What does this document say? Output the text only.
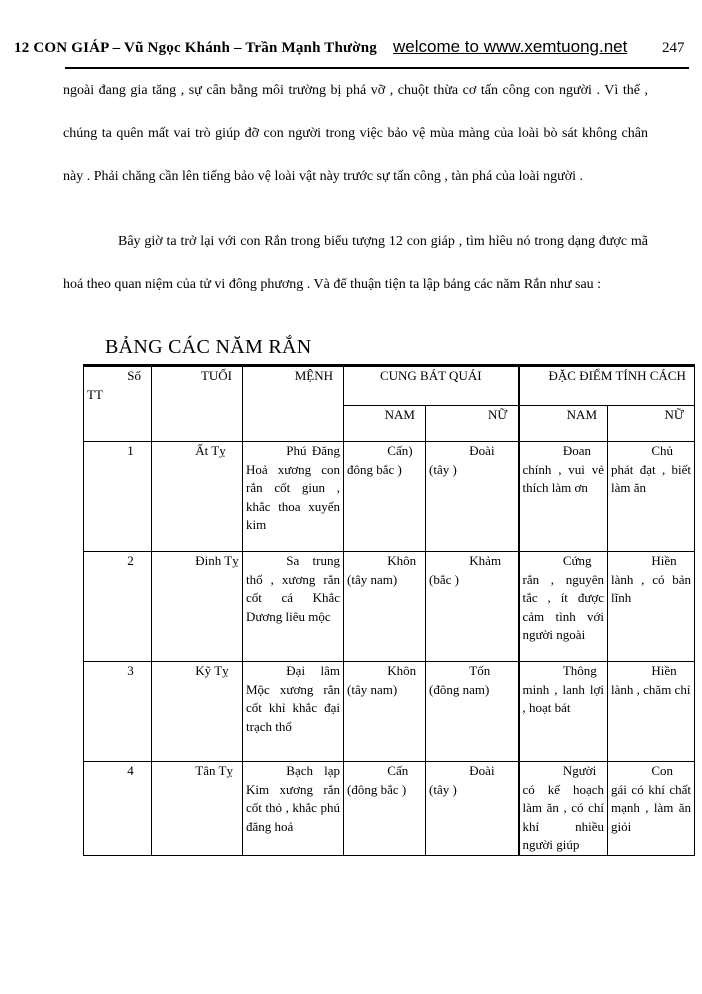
12 CON GIÁP – Vũ Ngọc Khánh – Trần Mạnh Thường welcome to www.xemtuong.net 247
ngoài đang gia tăng , sự cân bằng môi trường bị phá vỡ , chuột thừa cơ tấn công con người . Vì thế , chúng ta quên mất vai trò giúp đỡ con người trong việc bảo vệ mùa màng của loài bò sát không chân này . Phải chăng cần lên tiếng bảo vệ loài vật này trước sự tấn công , tàn phá của loài người .
Bây giờ ta trở lại với con Rắn trong biểu tượng 12 con giáp , tìm hỉêu nó trong dạng được mã hoá theo quan niệm của tử vi đông phương . Và để thuận tiện ta lập bảng các năm Rắn như sau :
BẢNG CÁC NĂM RẮN
Số TT	TUỔI	MỆNH	CUNG BÁT QUÁI		ĐẶC ĐIỂM TÍNH CÁCH	
			NAM	NỮ	NAM	NỮ
1	Ất Tỵ	Phú Đăng Hoả xương con rắn cốt giun , khắc thoa xuyến kim	Cấn) đông bắc )	Đoài (tây )	Đoan chính , vui vẻ thích làm ơn	Chủ phát đạt , biết làm ăn
2	Đinh Tỵ	Sa trung thổ , xương rắn cốt cá Khắc Dương liêu mộc	Khôn (tây nam)	Khảm (bắc )	Cứng rắn , nguyên tắc , ít được cảm tình với người ngoài	Hiền lành , có bản lĩnh
3	Kỹ Tỵ	Đại lâm Mộc xương rắn cốt khỉ khắc đại trạch thổ	Khôn (tây nam)	Tốn (đông nam)	Thông minh , lanh lợi , hoạt bát	Hiền lành , chăm chỉ
4	Tân Tỵ	Bạch lạp Kim xương rắn cốt thỏ , khắc phú đăng hoả	Cấn (đông bắc )	Đoài (tây )	Người có kế hoạch làm ăn , có chí khí nhiều người giúp	Con gái có khí chất mạnh , làm ăn giỏi
